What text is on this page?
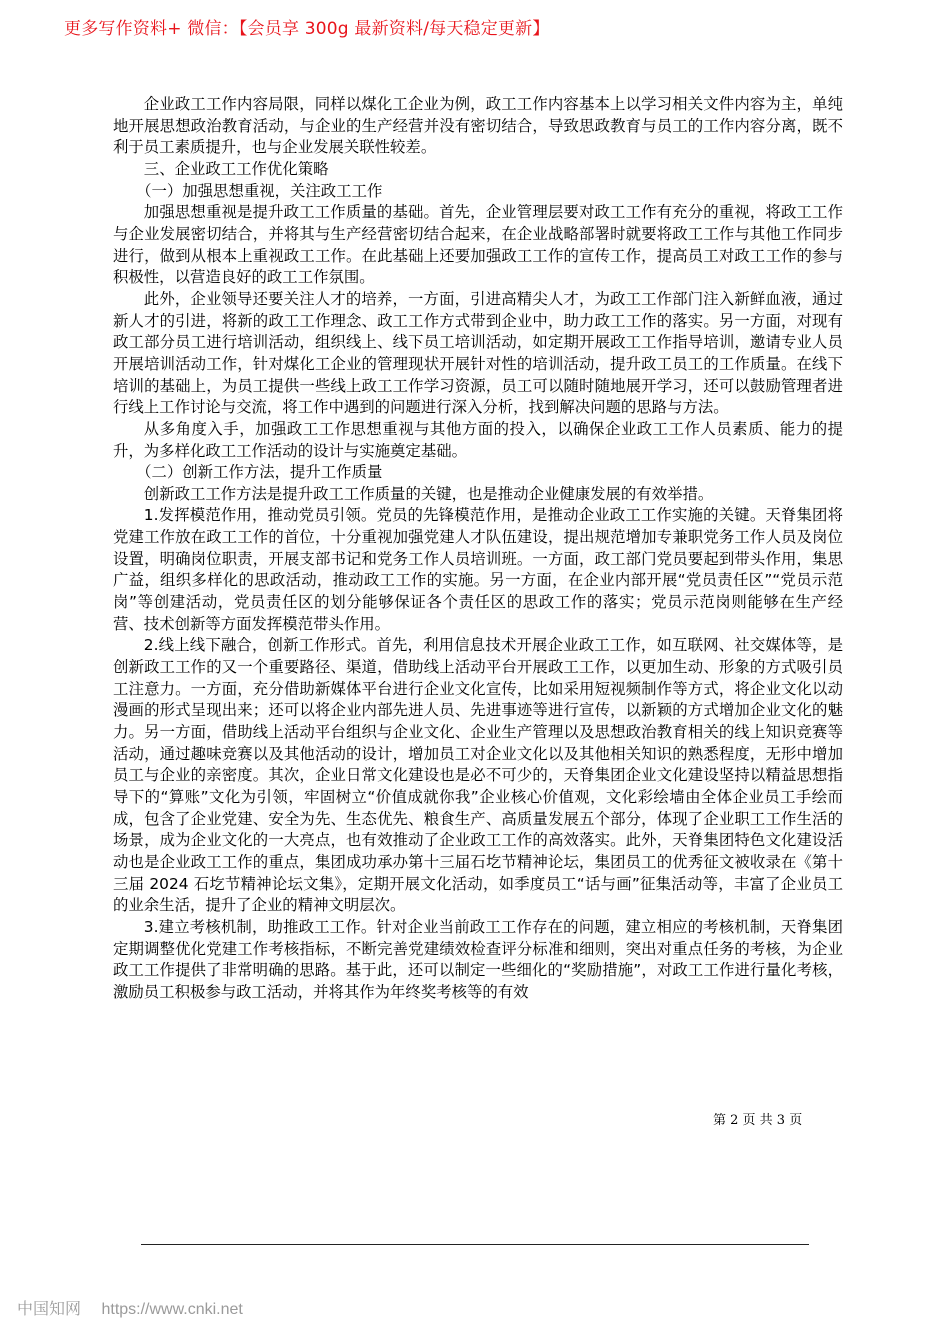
更多写作资料+ 微信：【会员享 300g 最新资料/每天稳定更新】

企业政工工作内容局限，同样以煤化工企业为例，政工工作内容基本上以学习相关文件内容为主，单纯地开展思想政治教育活动，与企业的生产经营并没有密切结合，导致思政教育与员工的工作内容分离，既不利于员工素质提升，也与企业发展关联性较差。

三、企业政工工作优化策略

（一）加强思想重视，关注政工工作

加强思想重视是提升政工工作质量的基础。首先，企业管理层要对政工工作有充分的重视，将政工工作与企业发展密切结合，并将其与生产经营密切结合起来，在企业战略部署时就要将政工工作与其他工作同步进行，做到从根本上重视政工工作。在此基础上还要加强政工工作的宣传工作，提高员工对政工工作的参与积极性，以营造良好的政工工作氛围。

此外，企业领导还要关注人才的培养，一方面，引进高精尖人才，为政工工作部门注入新鲜血液，通过新人才的引进，将新的政工工作理念、政工工作方式带到企业中，助力政工工作的落实。另一方面，对现有政工部分员工进行培训活动，组织线上、线下员工培训活动，如定期开展政工工作指导培训，邀请专业人员开展培训活动工作，针对煤化工企业的管理现状开展针对性的培训活动，提升政工员工的工作质量。在线下培训的基础上，为员工提供一些线上政工工作学习资源，员工可以随时随地展开学习，还可以鼓励管理者进行线上工作讨论与交流，将工作中遇到的问题进行深入分析，找到解决问题的思路与方法。

从多角度入手，加强政工工作思想重视与其他方面的投入，以确保企业政工工作人员素质、能力的提升，为多样化政工工作活动的设计与实施奠定基础。

（二）创新工作方法，提升工作质量

创新政工工作方法是提升政工工作质量的关键，也是推动企业健康发展的有效举措。

1.发挥模范作用，推动党员引领。党员的先锋模范作用，是推动企业政工工作实施的关键。天脊集团将党建工作放在政工工作的首位，十分重视加强党建人才队伍建设，提出规范增加专兼职党务工作人员及岗位设置，明确岗位职责，开展支部书记和党务工作人员培训班。一方面，政工部门党员要起到带头作用，集思广益，组织多样化的思政活动，推动政工工作的实施。另一方面，在企业内部开展“党员责任区”“党员示范岗”等创建活动，党员责任区的划分能够保证各个责任区的思政工作的落实；党员示范岗则能够在生产经营、技术创新等方面发挥模范带头作用。

2.线上线下融合，创新工作形式。首先，利用信息技术开展企业政工工作，如互联网、社交媒体等，是创新政工工作的又一个重要路径、渠道，借助线上活动平台开展政工工作，以更加生动、形象的方式吸引员工注意力。一方面，充分借助新媒体平台进行企业文化宣传，比如采用短视频制作等方式，将企业文化以动漫画的形式呈现出来；还可以将企业内部先进人员、先进事迹等进行宣传，以新颖的方式增加企业文化的魅力。另一方面，借助线上活动平台组织与企业文化、企业生产管理以及思想政治教育相关的线上知识竞赛等活动，通过趣味竞赛以及其他活动的设计，增加员工对企业文化以及其他相关知识的熟悉程度，无形中增加员工与企业的亲密度。其次，企业日常文化建设也是必不可少的，天脊集团企业文化建设坚持以精益思想指导下的“算账”文化为引领，牢固树立“价值成就你我”企业核心价值观，文化彩绘墙由全体企业员工手绘而成，包含了企业党建、安全为先、生态优先、粮食生产、高质量发展五个部分，体现了企业职工工作生活的场景，成为企业文化的一大亮点，也有效推动了企业政工工作的高效落实。此外，天脊集团特色文化建设活动也是企业政工工作的重点，集团成功承办第十三届石圪节精神论坛，集团员工的优秀征文被收录在《第十三届 2024 石圪节精神论坛文集》，定期开展文化活动，如季度员工“话与画”征集活动等，丰富了企业员工的业余生活，提升了企业的精神文明层次。

3.建立考核机制，助推政工工作。针对企业当前政工工作存在的问题，建立相应的考核机制，天脊集团定期调整优化党建工作考核指标，不断完善党建绩效检查评分标准和细则，突出对重点任务的考核，为企业政工工作提供了非常明确的思路。基于此，还可以制定一些细化的“奖励措施”，对政工工作进行量化考核，激励员工积极参与政工活动，并将其作为年终奖考核等的有效

第 2 页 共 3 页
中国知网 https://www.cnki.net
